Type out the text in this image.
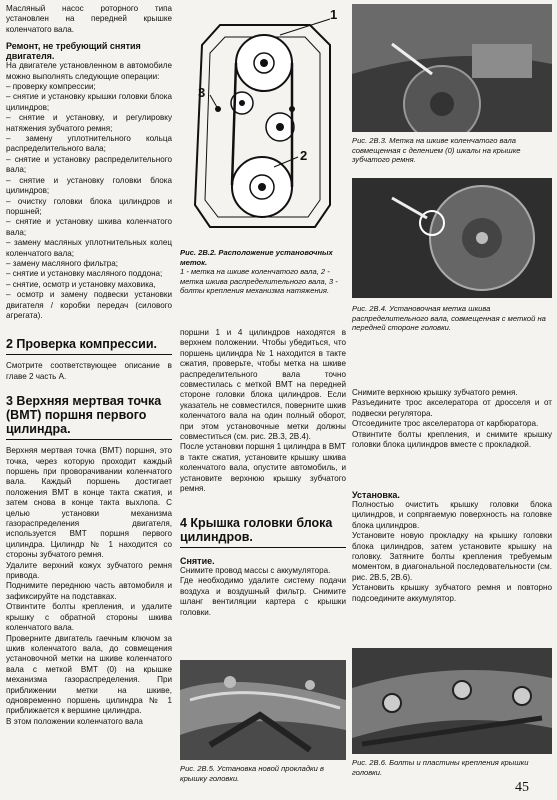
Масляный насос роторного типа установлен на передней крышке коленчатого вала.
Ремонт, не требующий снятия двигателя.
На двигателе установленном в автомобиле можно выполнять следующие операции:
– проверку компрессии;
– снятие и установку крышки головки блока цилиндров;
– снятие и установку, и регулировку натяжения зубчатого ремня;
– замену уплотнительного кольца распределительного вала;
– снятие и установку распределительного вала;
– снятие и установку головки блока цилиндров;
– очистку головки блока цилиндров и поршней;
– снятие и установку шкива коленчатого вала;
– замену масляных уплотнительных колец коленчатого вала;
– замену масляного фильтра;
– снятие и установку масляного поддона;
– снятие, осмотр и установку маховика,
– осмотр и замену подвески установки двигателя / коробки передач (силового агрегата).
2 Проверка компрессии.
Смотрите соответствующее описание в главе 2 часть А.
3 Верхняя мертвая точка (ВМТ) поршня первого цилиндра.

Верхняя мертвая точка (ВМТ) поршня, это точка, через которую проходит каждый поршень при проворачивании коленчатого вала. Каждый поршень достигает положения ВМТ в конце такта сжатия, и затем снова в конце такта выхлопа. С целью установки механизма газораспределения двигателя, используется ВМТ поршня первого цилиндра. Цилиндр № 1 находится со стороны зубчатого ремня.

Удалите верхний кожух зубчатого ремня привода.

Поднимите переднюю часть автомобиля и зафиксируйте на подставках.

Отвинтите болты крепления, и удалите крышку с обратной стороны шкива коленчатого вала.

Проверните двигатель гаечным ключом за шкив коленчатого вала, до совмещения установочной метки на шкиве коленчатого вала с меткой ВМТ (0) на крышке механизма газораспределения. При приближении метки на шкиве, одновременно поршень цилиндра № 1 приближается к вершине цилиндра.

В этом положении коленчатого вала

1
2
3
Рис. 2В.2. Расположение установочных меток.
1 - метка на шкиве коленчатого вала, 2 - метка шкива распределительного вала, 3 - болты крепления механизма натяжения.

поршни 1 и 4 цилиндров находятся в верхнем положении. Чтобы убедиться, что поршень цилиндра № 1 находится в такте сжатия, проверьте, чтобы метка на шкиве распределительного вала точно совместилась с меткой ВМТ на передней стороне головки блока цилиндров. Если указатель не совместился, поверните шкив коленчатого вала на один полный оборот, при этом установочные метки должны совместиться (см. рис. 2В.3, 2В.4).

После установки поршня 1 цилиндра в ВМТ в такте сжатия, установите крышку шкива коленчатого вала, опустите автомобиль, и установите верхнюю крышку зубчатого ремня.

4 Крышка головки блока цилиндров.
Снятие.

Снимите провод массы с аккумулятора.

Где необходимо удалите систему подачи воздуха и воздушный фильтр. Снимите шланг вентиляции картера с крышки головки.

Рис. 2В.5. Установка новой прокладки в крышку головки.
Рис. 2В.3. Метка на шкиве коленчатого вала совмещенная с делением (0) шкалы на крышке зубчатого ремня.
Рис. 2В.4. Установочная метка шкива распределительного вала, совмещенная с меткой на передней стороне головки.

Снимите верхнюю крышку зубчатого ремня.

Разъедините трос акселератора от дросселя и от подвески регулятора.

Отсоедините трос акселератора от карбюратора.

Отвинтите болты крепления, и снимите крышку головки блока цилиндров вместе с прокладкой.

Установка.

Полностью очистить крышку головки блока цилиндров, и сопрягаемую поверхность на головке блока цилиндров.

Установите новую прокладку на крышку головки блока цилиндров, затем установите крышку на головку. Затяните болты крепления требуемым моментом, в диагональной последовательности (см. рис. 2В.5, 2В.6).

Установить крышку зубчатого ремня и повторно подсоедините аккумулятор.

Рис. 2В.6. Болты и пластины крепления крышки головки.
45
